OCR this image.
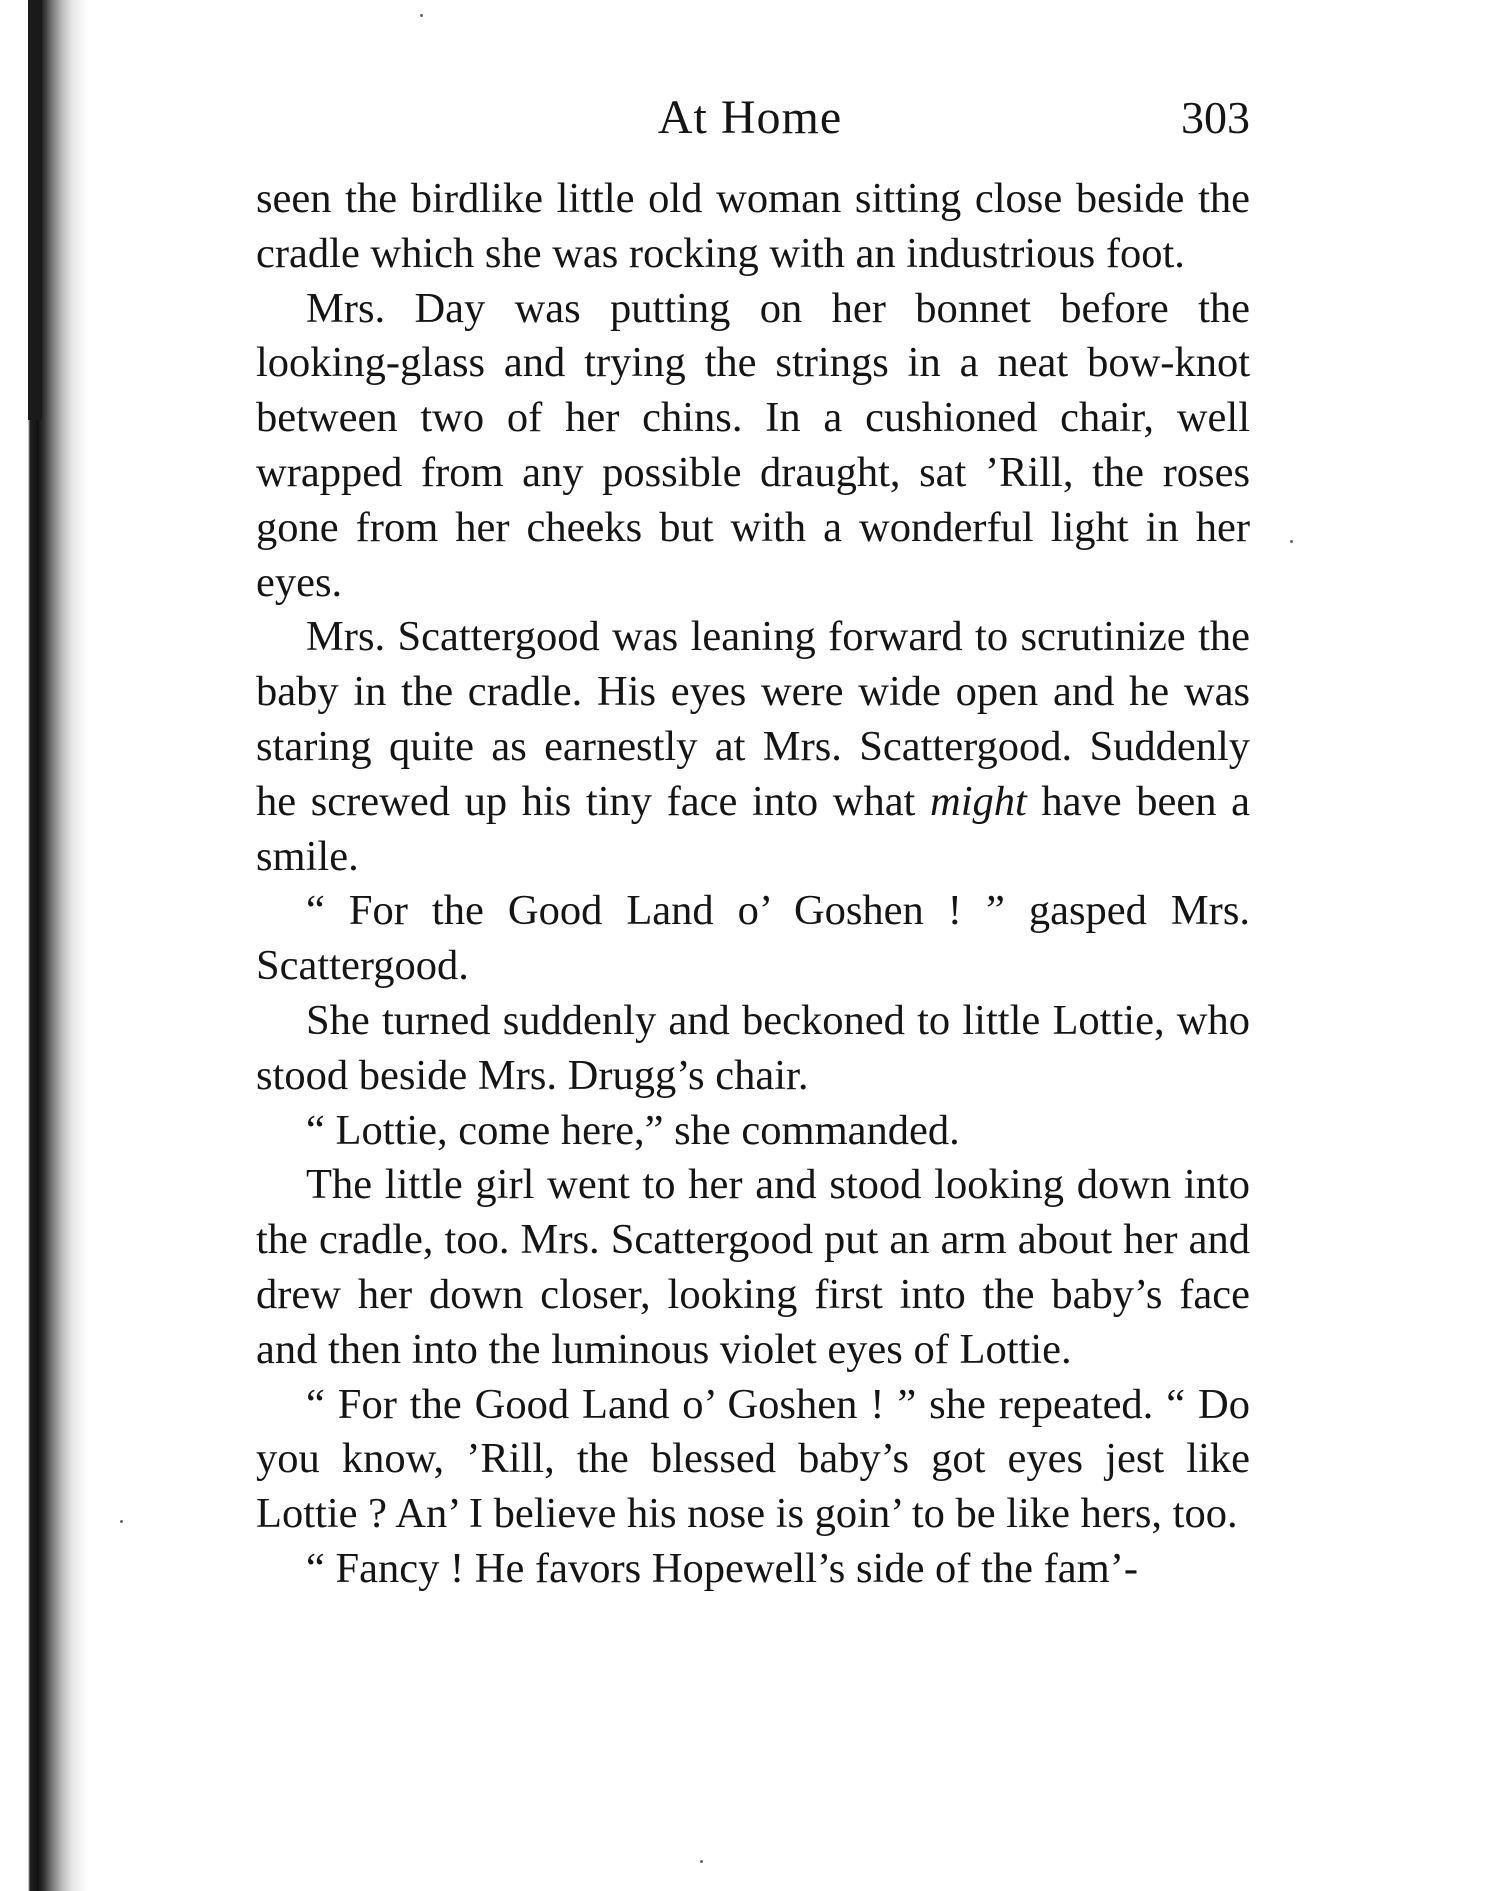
At Home	303

seen the birdlike little old woman sitting close beside the cradle which she was rocking with an industrious foot.

Mrs. Day was putting on her bonnet before the looking-glass and trying the strings in a neat bow-knot between two of her chins. In a cushioned chair, well wrapped from any possible draught, sat ’Rill, the roses gone from her cheeks but with a wonderful light in her eyes.

Mrs. Scattergood was leaning forward to scrutinize the baby in the cradle. His eyes were wide open and he was staring quite as earnestly at Mrs. Scattergood. Suddenly he screwed up his tiny face into what might have been a smile.

“ For the Good Land o’ Goshen ! ” gasped Mrs. Scattergood.

She turned suddenly and beckoned to little Lottie, who stood beside Mrs. Drugg’s chair.

“ Lottie, come here,” she commanded.

The little girl went to her and stood looking down into the cradle, too. Mrs. Scattergood put an arm about her and drew her down closer, looking first into the baby’s face and then into the luminous violet eyes of Lottie.

“ For the Good Land o’ Goshen ! ” she repeated. “ Do you know, ’Rill, the blessed baby’s got eyes jest like Lottie ? An’ I believe his nose is goin’ to be like hers, too.

“ Fancy ! He favors Hopewell’s side of the fam’-
